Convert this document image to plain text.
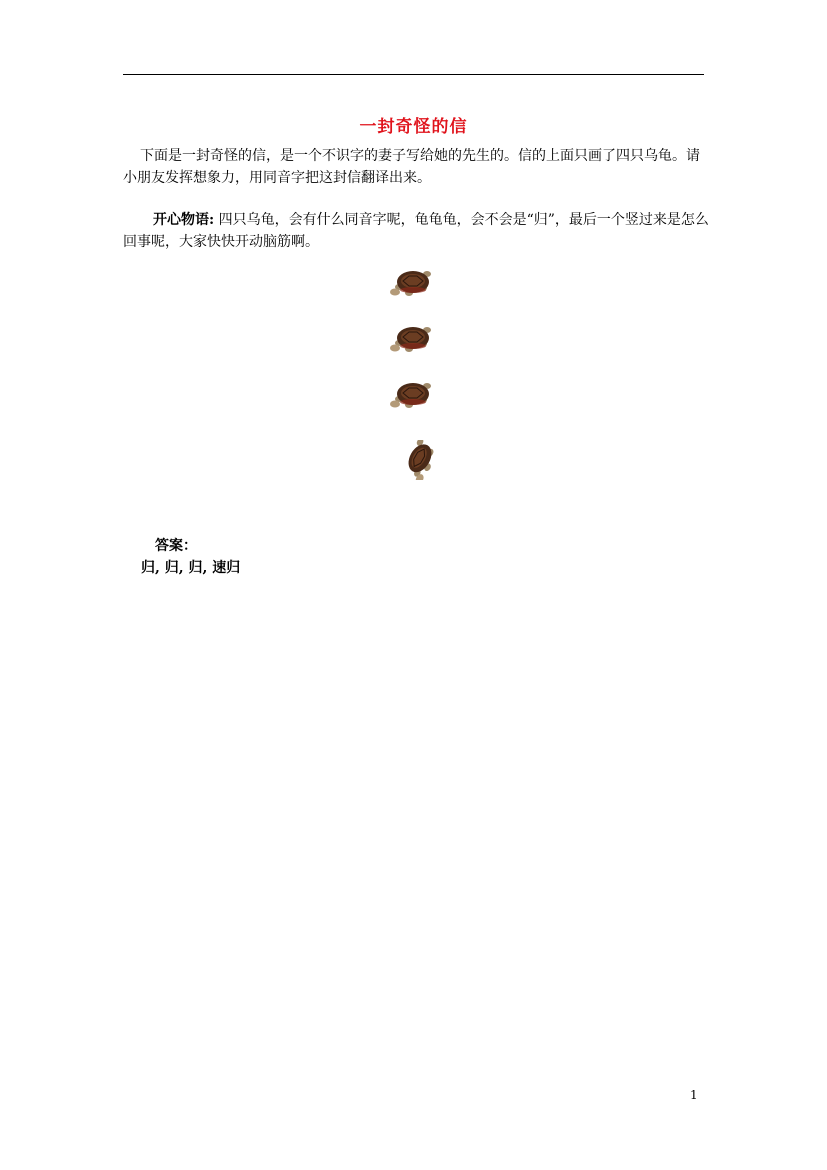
一封奇怪的信
下面是一封奇怪的信，是一个不识字的妻子写给她的先生的。信的上面只画了四只乌龟。请小朋友发挥想象力，用同音字把这封信翻译出来。
开心物语: 四只乌龟，会有什么同音字呢，龟龟龟，会不会是“归”，最后一个竖过来是怎么回事呢，大家快快开动脑筋啊。
答案：
归, 归, 归, 速归
1
